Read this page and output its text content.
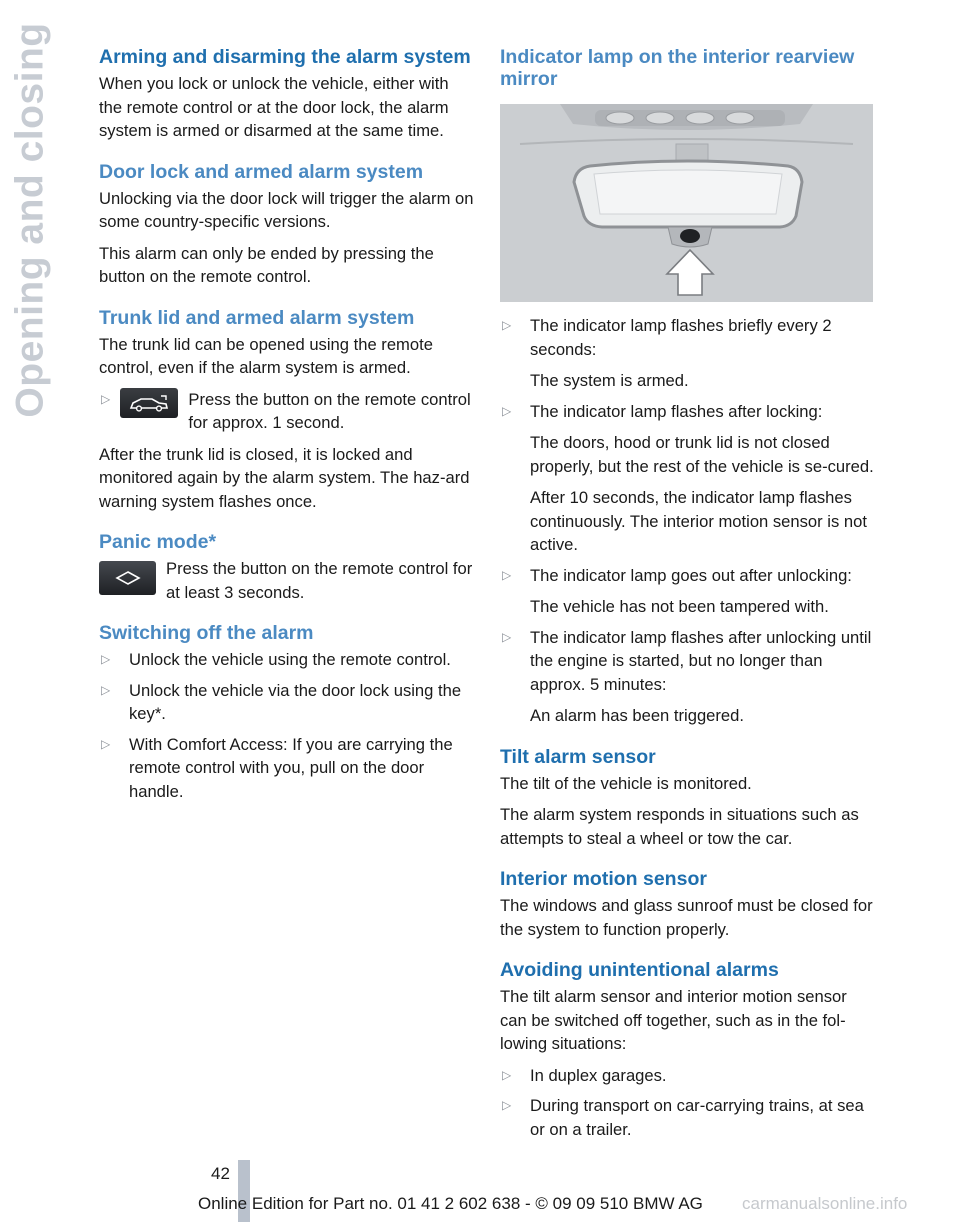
Opening and closing Arming and disarming the alarm system

When you lock or unlock the vehicle, either with the remote control or at the door lock, the alarm system is armed or disarmed at the same time.

Door lock and armed alarm system

Unlocking via the door lock will trigger the alarm on some country-specific versions.

This alarm can only be ended by pressing the button on the remote control.

Trunk lid and armed alarm system

The trunk lid can be opened using the remote control, even if the alarm system is armed.

▷	Press the button on the remote control for approx. 1 second.

After the trunk lid is closed, it is locked and monitored again by the alarm system. The haz-ard warning system flashes once.

Panic mode*
Press the button on the remote control for at least 3 seconds.
Switching off the alarm
▷ Unlock the vehicle using the remote control.
▷ Unlock the vehicle via the door lock using the key*.
▷ With Comfort Access: If you are carrying the remote control with you, pull on the door handle.
Indicator lamp on the interior rearview mirror
▷ The indicator lamp flashes briefly every 2 seconds:

The system is armed.

▷ The indicator lamp flashes after locking:

The doors, hood or trunk lid is not closed properly, but the rest of the vehicle is se-cured.

After 10 seconds, the indicator lamp flashes continuously. The interior motion sensor is not active.

▷ The indicator lamp goes out after unlocking:

The vehicle has not been tampered with.

▷ The indicator lamp flashes after unlocking until the engine is started, but no longer than approx. 5 minutes:

An alarm has been triggered.

Tilt alarm sensor

The tilt of the vehicle is monitored.

The alarm system responds in situations such as attempts to steal a wheel or tow the car.

Interior motion sensor

The windows and glass sunroof must be closed for the system to function properly.

Avoiding unintentional alarms

The tilt alarm sensor and interior motion sensor can be switched off together, such as in the fol-lowing situations:

▷ In duplex garages.
▷ During transport on car-carrying trains, at sea or on a trailer.
42
Online Edition for Part no. 01 41 2 602 638 - © 09 09 510 BMW AG carmanualsonline.info
